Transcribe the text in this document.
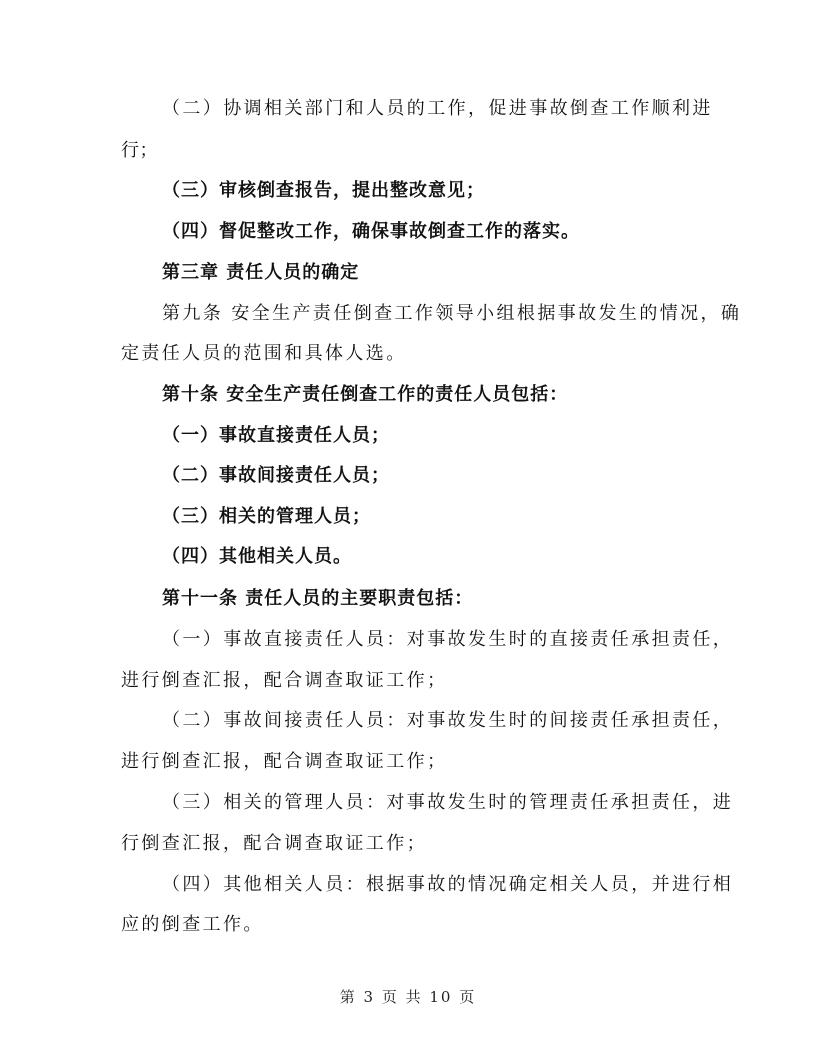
（二）协调相关部门和人员的工作，促进事故倒查工作顺利进
行；
（三）审核倒查报告，提出整改意见；
（四）督促整改工作，确保事故倒查工作的落实。
第三章 责任人员的确定
第九条 安全生产责任倒查工作领导小组根据事故发生的情况，确
定责任人员的范围和具体人选。
第十条 安全生产责任倒查工作的责任人员包括：
（一）事故直接责任人员；
（二）事故间接责任人员；
（三）相关的管理人员；
（四）其他相关人员。
第十一条 责任人员的主要职责包括：
（一）事故直接责任人员：对事故发生时的直接责任承担责任，
进行倒查汇报，配合调查取证工作；
（二）事故间接责任人员：对事故发生时的间接责任承担责任，
进行倒查汇报，配合调查取证工作；
（三）相关的管理人员：对事故发生时的管理责任承担责任，进
行倒查汇报，配合调查取证工作；
（四）其他相关人员：根据事故的情况确定相关人员，并进行相
应的倒查工作。
第 3 页 共 10 页
